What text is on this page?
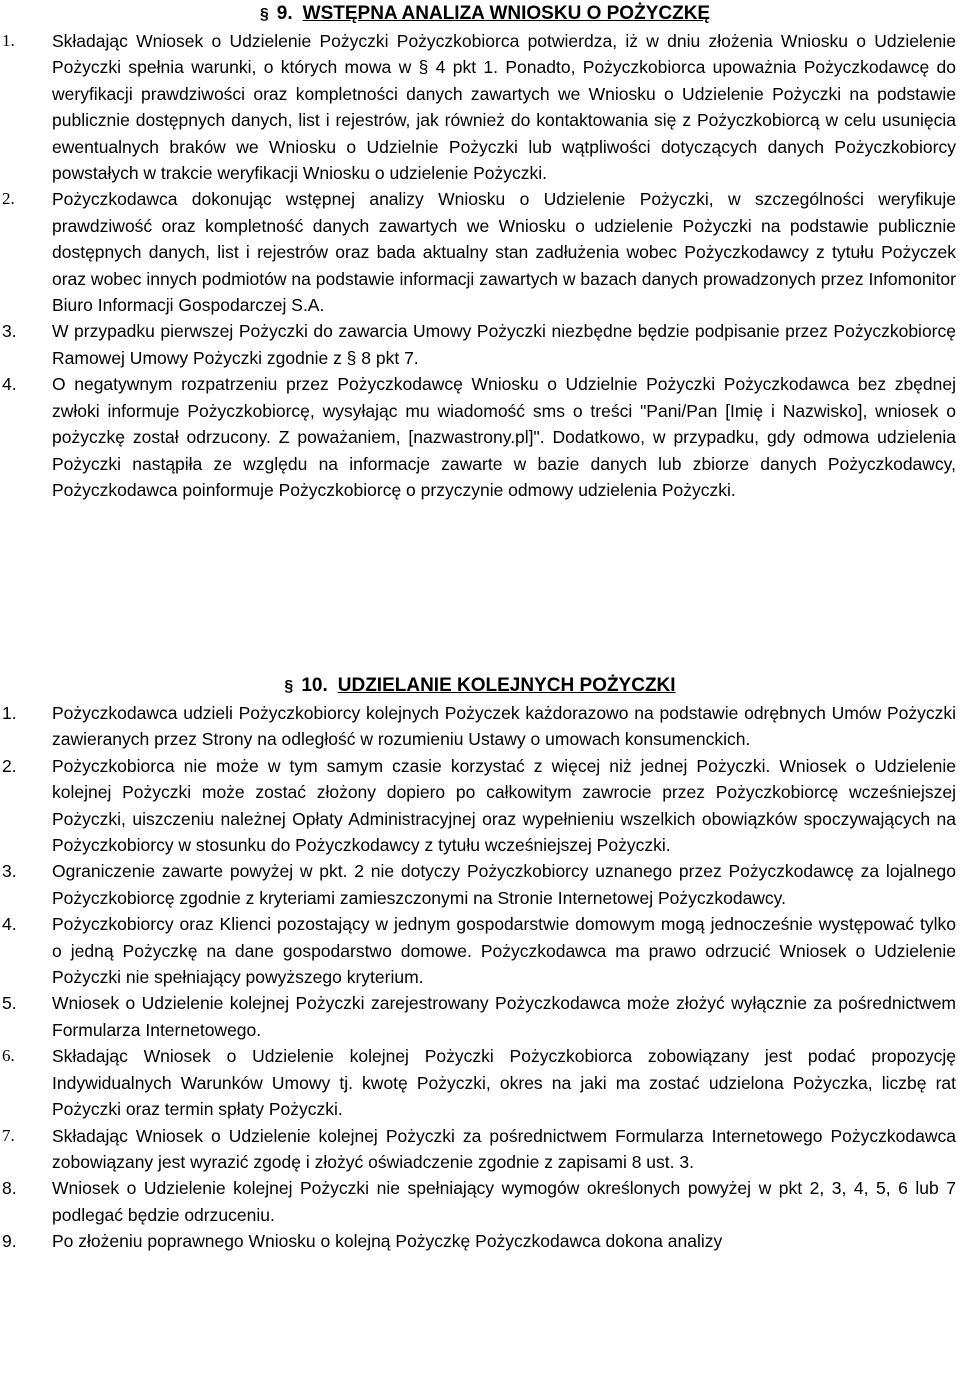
§ 9. WSTĘPNA ANALIZA WNIOSKU O POŻYCZKĘ
1. Składając Wniosek o Udzielenie Pożyczki Pożyczkobiorca potwierdza, iż w dniu złożenia Wniosku o Udzielenie Pożyczki spełnia warunki, o których mowa w § 4 pkt 1. Ponadto, Pożyczkobiorca upoważnia Pożyczkodawcę do weryfikacji prawdziwości oraz kompletności danych zawartych we Wniosku o Udzielenie Pożyczki na podstawie publicznie dostępnych danych, list i rejestrów, jak również do kontaktowania się z Pożyczkobiorcą w celu usunięcia ewentualnych braków we Wniosku o Udzielnie Pożyczki lub wątpliwości dotyczących danych Pożyczkobiorcy powstałych w trakcie weryfikacji Wniosku o udzielenie Pożyczki.
2. Pożyczkodawca dokonując wstępnej analizy Wniosku o Udzielenie Pożyczki, w szczególności weryfikuje prawdziwość oraz kompletność danych zawartych we Wniosku o udzielenie Pożyczki na podstawie publicznie dostępnych danych, list i rejestrów oraz bada aktualny stan zadłużenia wobec Pożyczkodawcy z tytułu Pożyczek oraz wobec innych podmiotów na podstawie informacji zawartych w bazach danych prowadzonych przez Infomonitor Biuro Informacji Gospodarczej S.A.
3. W przypadku pierwszej Pożyczki do zawarcia Umowy Pożyczki niezbędne będzie podpisanie przez Pożyczkobiorcę Ramowej Umowy Pożyczki zgodnie z § 8 pkt 7.
4. O negatywnym rozpatrzeniu przez Pożyczkodawcę Wniosku o Udzielnie Pożyczki Pożyczkodawca bez zbędnej zwłoki informuje Pożyczkobiorcę, wysyłając mu wiadomość sms o treści "Pani/Pan [Imię i Nazwisko], wniosek o pożyczkę został odrzucony. Z poważaniem, [nazwastrony.pl]". Dodatkowo, w przypadku, gdy odmowa udzielenia Pożyczki nastąpiła ze względu na informacje zawarte w bazie danych lub zbiorze danych Pożyczkodawcy, Pożyczkodawca poinformuje Pożyczkobiorcę o przyczynie odmowy udzielenia Pożyczki.
§ 10. UDZIELANIE KOLEJNYCH POŻYCZKI
1. Pożyczkodawca udzieli Pożyczkobiorcy kolejnych Pożyczek każdorazowo na podstawie odrębnych Umów Pożyczki zawieranych przez Strony na odległość w rozumieniu Ustawy o umowach konsumenckich.
2. Pożyczkobiorca nie może w tym samym czasie korzystać z więcej niż jednej Pożyczki. Wniosek o Udzielenie kolejnej Pożyczki może zostać złożony dopiero po całkowitym zawrocie przez Pożyczkobiorcę wcześniejszej Pożyczki, uiszczeniu należnej Opłaty Administracyjnej oraz wypełnieniu wszelkich obowiązków spoczywających na Pożyczkobiorcy w stosunku do Pożyczkodawcy z tytułu wcześniejszej Pożyczki.
3. Ograniczenie zawarte powyżej w pkt. 2 nie dotyczy Pożyczkobiorcy uznanego przez Pożyczkodawcę za lojalnego Pożyczkobiorcę zgodnie z kryteriami zamieszczonymi na Stronie Internetowej Pożyczkodawcy.
4. Pożyczkobiorcy oraz Klienci pozostający w jednym gospodarstwie domowym mogą jednocześnie występować tylko o jedną Pożyczkę na dane gospodarstwo domowe. Pożyczkodawca ma prawo odrzucić Wniosek o Udzielenie Pożyczki nie spełniający powyższego kryterium.
5. Wniosek o Udzielenie kolejnej Pożyczki zarejestrowany Pożyczkodawca może złożyć wyłącznie za pośrednictwem Formularza Internetowego.
6. Składając Wniosek o Udzielenie kolejnej Pożyczki Pożyczkobiorca zobowiązany jest podać propozycję Indywidualnych Warunków Umowy tj. kwotę Pożyczki, okres na jaki ma zostać udzielona Pożyczka, liczbę rat Pożyczki oraz termin spłaty Pożyczki.
7. Składając Wniosek o Udzielenie kolejnej Pożyczki za pośrednictwem Formularza Internetowego Pożyczkodawca zobowiązany jest wyrazić zgodę i złożyć oświadczenie zgodnie z zapisami 8 ust. 3.
8. Wniosek o Udzielenie kolejnej Pożyczki nie spełniający wymogów określonych powyżej w pkt 2, 3, 4, 5, 6 lub 7 podlegać będzie odrzuceniu.
9. Po złożeniu poprawnego Wniosku o kolejną Pożyczkę Pożyczkodawca dokona analizy
